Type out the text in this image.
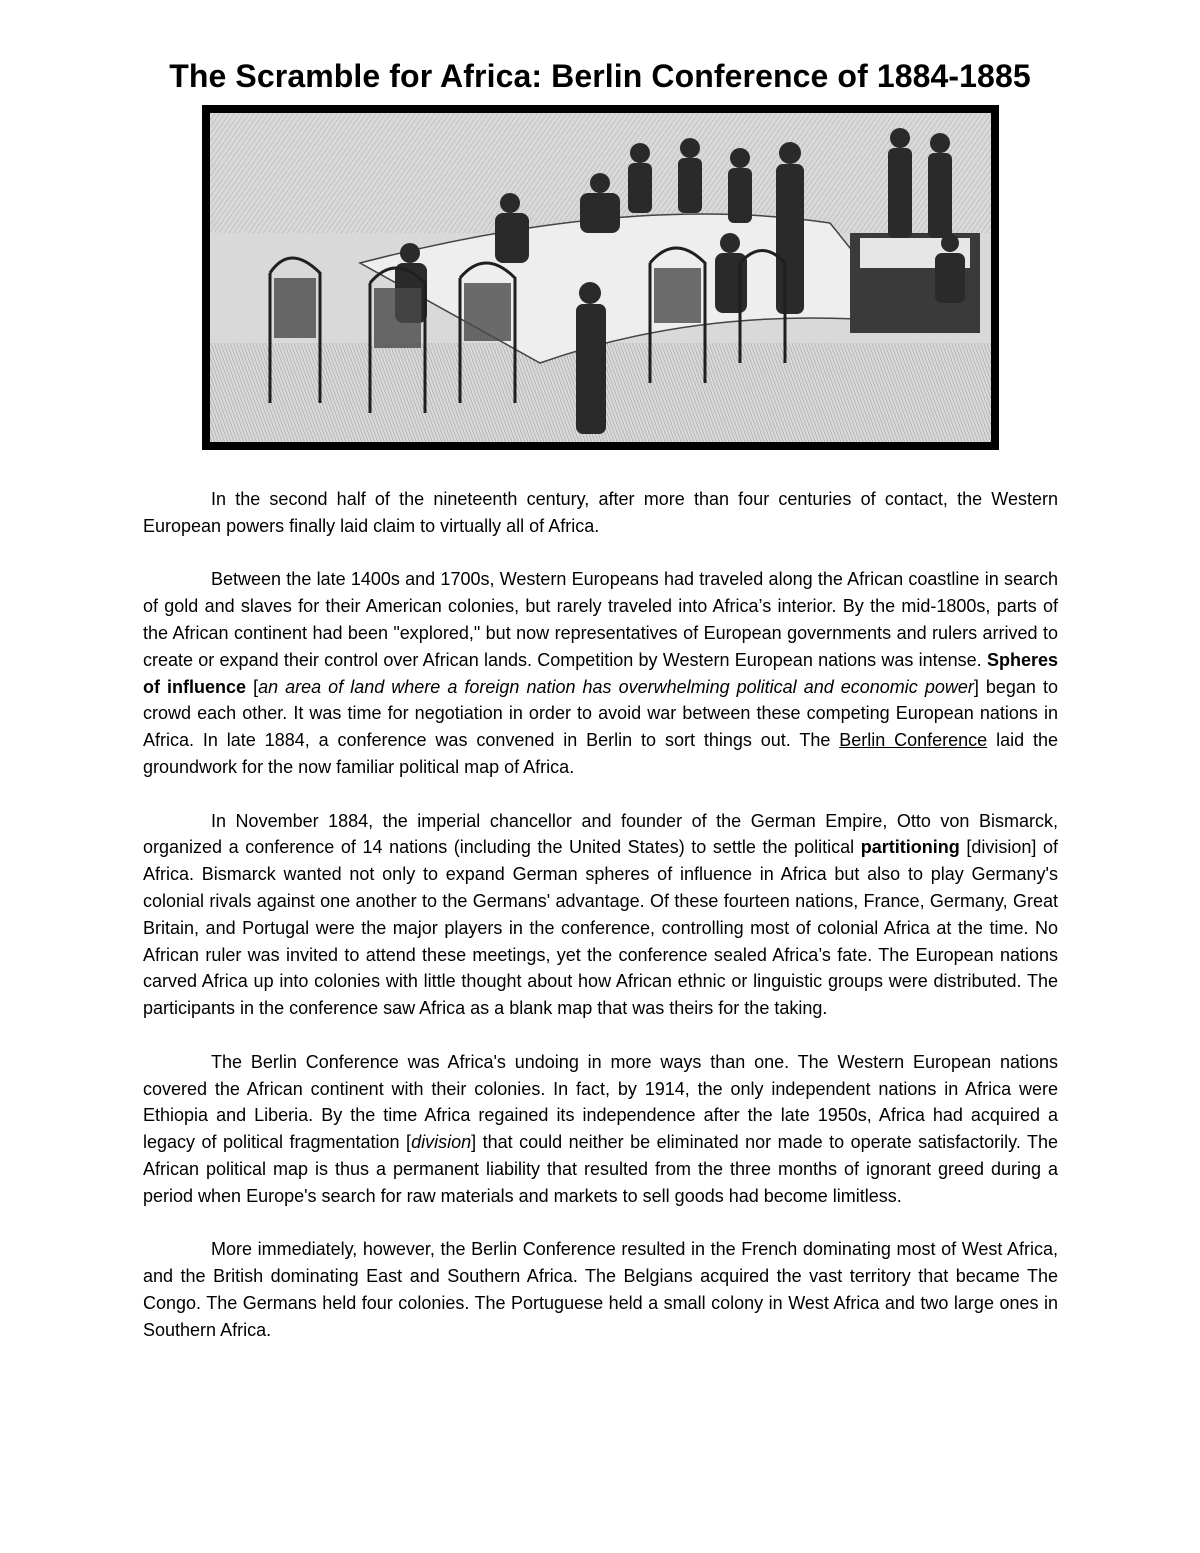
The Scramble for Africa: Berlin Conference of 1884-1885

In the second half of the nineteenth century, after more than four centuries of contact, the Western European powers finally laid claim to virtually all of Africa.

Between the late 1400s and 1700s, Western Europeans had traveled along the African coastline in search of gold and slaves for their American colonies, but rarely traveled into Africa’s interior. By the mid-1800s, parts of the African continent had been "explored," but now representatives of European governments and rulers arrived to create or expand their control over African lands. Competition by Western European nations was intense. Spheres of influence [an area of land where a foreign nation has overwhelming political and economic power] began to crowd each other. It was time for negotiation in order to avoid war between these competing European nations in Africa. In late 1884, a conference was convened in Berlin to sort things out. The Berlin Conference laid the groundwork for the now familiar political map of Africa.

In November 1884, the imperial chancellor and founder of the German Empire, Otto von Bismarck, organized a conference of 14 nations (including the United States) to settle the political partitioning [division] of Africa. Bismarck wanted not only to expand German spheres of influence in Africa but also to play Germany's colonial rivals against one another to the Germans' advantage. Of these fourteen nations, France, Germany, Great Britain, and Portugal were the major players in the conference, controlling most of colonial Africa at the time. No African ruler was invited to attend these meetings, yet the conference sealed Africa’s fate. The European nations carved Africa up into colonies with little thought about how African ethnic or linguistic groups were distributed. The participants in the conference saw Africa as a blank map that was theirs for the taking.

The Berlin Conference was Africa's undoing in more ways than one. The Western European nations covered the African continent with their colonies. In fact, by 1914, the only independent nations in Africa were Ethiopia and Liberia. By the time Africa regained its independence after the late 1950s, Africa had acquired a legacy of political fragmentation [division] that could neither be eliminated nor made to operate satisfactorily. The African political map is thus a permanent liability that resulted from the three months of ignorant greed during a period when Europe's search for raw materials and markets to sell goods had become limitless.

More immediately, however, the Berlin Conference resulted in the French dominating most of West Africa, and the British dominating East and Southern Africa. The Belgians acquired the vast territory that became The Congo. The Germans held four colonies. The Portuguese held a small colony in West Africa and two large ones in Southern Africa.
